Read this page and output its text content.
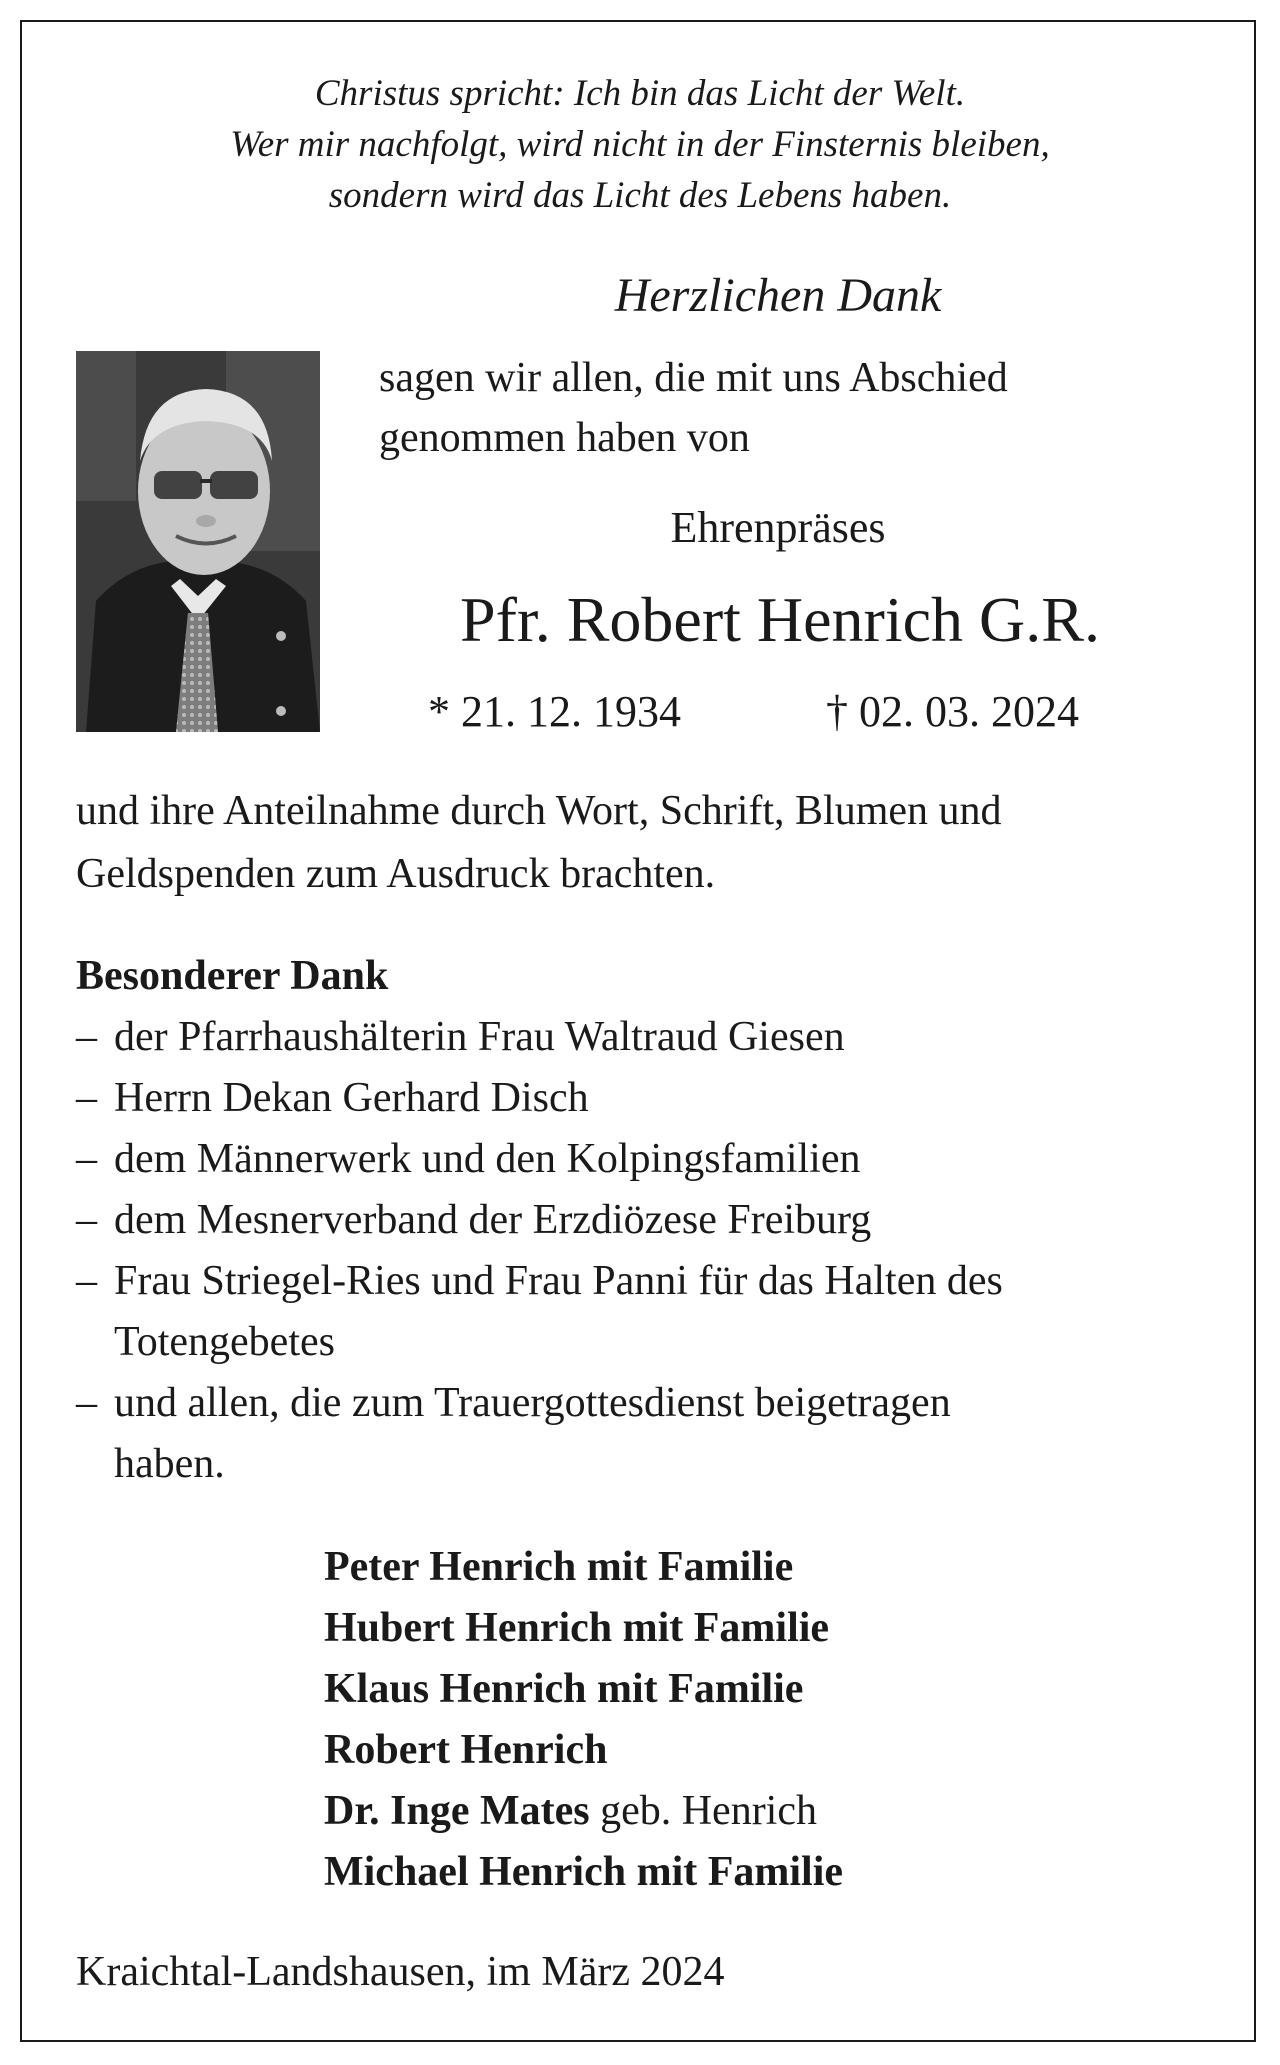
Christus spricht: Ich bin das Licht der Welt.
Wer mir nachfolgt, wird nicht in der Finsternis bleiben,
sondern wird das Licht des Lebens haben.
Herzlichen Dank
sagen wir allen, die mit uns Abschied
genommen haben von
Ehrenpräses
Pfr. Robert Henrich G.R.
* 21. 12. 1934	† 02. 03. 2024
und ihre Anteilnahme durch Wort, Schrift, Blumen und
Geldspenden zum Ausdruck brachten.
Besonderer Dank
– der Pfarrhaushälterin Frau Waltraud Giesen
– Herrn Dekan Gerhard Disch
– dem Männerwerk und den Kolpingsfamilien
– dem Mesnerverband der Erzdiözese Freiburg
– Frau Striegel-Ries und Frau Panni für das Halten des
Totengebetes
– und allen, die zum Trauergottesdienst beigetragen
haben.
Peter Henrich mit Familie
Hubert Henrich mit Familie
Klaus Henrich mit Familie
Robert Henrich
Dr. Inge Mates geb. Henrich
Michael Henrich mit Familie
Kraichtal-Landshausen, im März 2024
